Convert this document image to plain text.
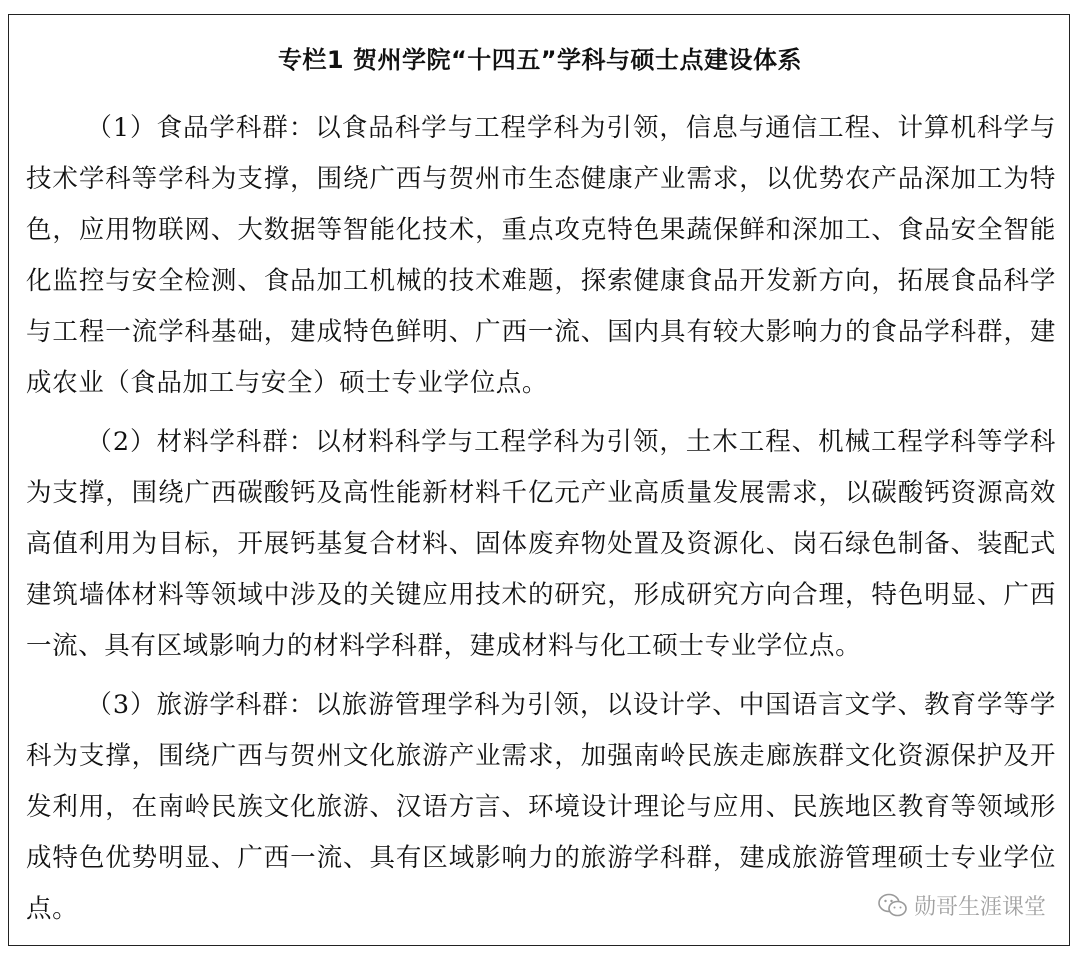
专栏1 贺州学院“十四五”学科与硕士点建设体系
（1）食品学科群：以食品科学与工程学科为引领，信息与通信工程、计算机科学与技术学科等学科为支撑，围绕广西与贺州市生态健康产业需求，以优势农产品深加工为特色，应用物联网、大数据等智能化技术，重点攻克特色果蔬保鲜和深加工、食品安全智能化监控与安全检测、食品加工机械的技术难题，探索健康食品开发新方向，拓展食品科学与工程一流学科基础，建成特色鲜明、广西一流、国内具有较大影响力的食品学科群，建成农业（食品加工与安全）硕士专业学位点。
（2）材料学科群：以材料科学与工程学科为引领，土木工程、机械工程学科等学科为支撑，围绕广西碳酸钙及高性能新材料千亿元产业高质量发展需求，以碳酸钙资源高效高值利用为目标，开展钙基复合材料、固体废弃物处置及资源化、岗石绿色制备、装配式建筑墙体材料等领域中涉及的关键应用技术的研究，形成研究方向合理，特色明显、广西一流、具有区域影响力的材料学科群，建成材料与化工硕士专业学位点。
（3）旅游学科群：以旅游管理学科为引领，以设计学、中国语言文学、教育学等学科为支撑，围绕广西与贺州文化旅游产业需求，加强南岭民族走廊族群文化资源保护及开发利用，在南岭民族文化旅游、汉语方言、环境设计理论与应用、民族地区教育等领域形成特色优势明显、广西一流、具有区域影响力的旅游学科群，建成旅游管理硕士专业学位点。	勋哥生涯课堂
